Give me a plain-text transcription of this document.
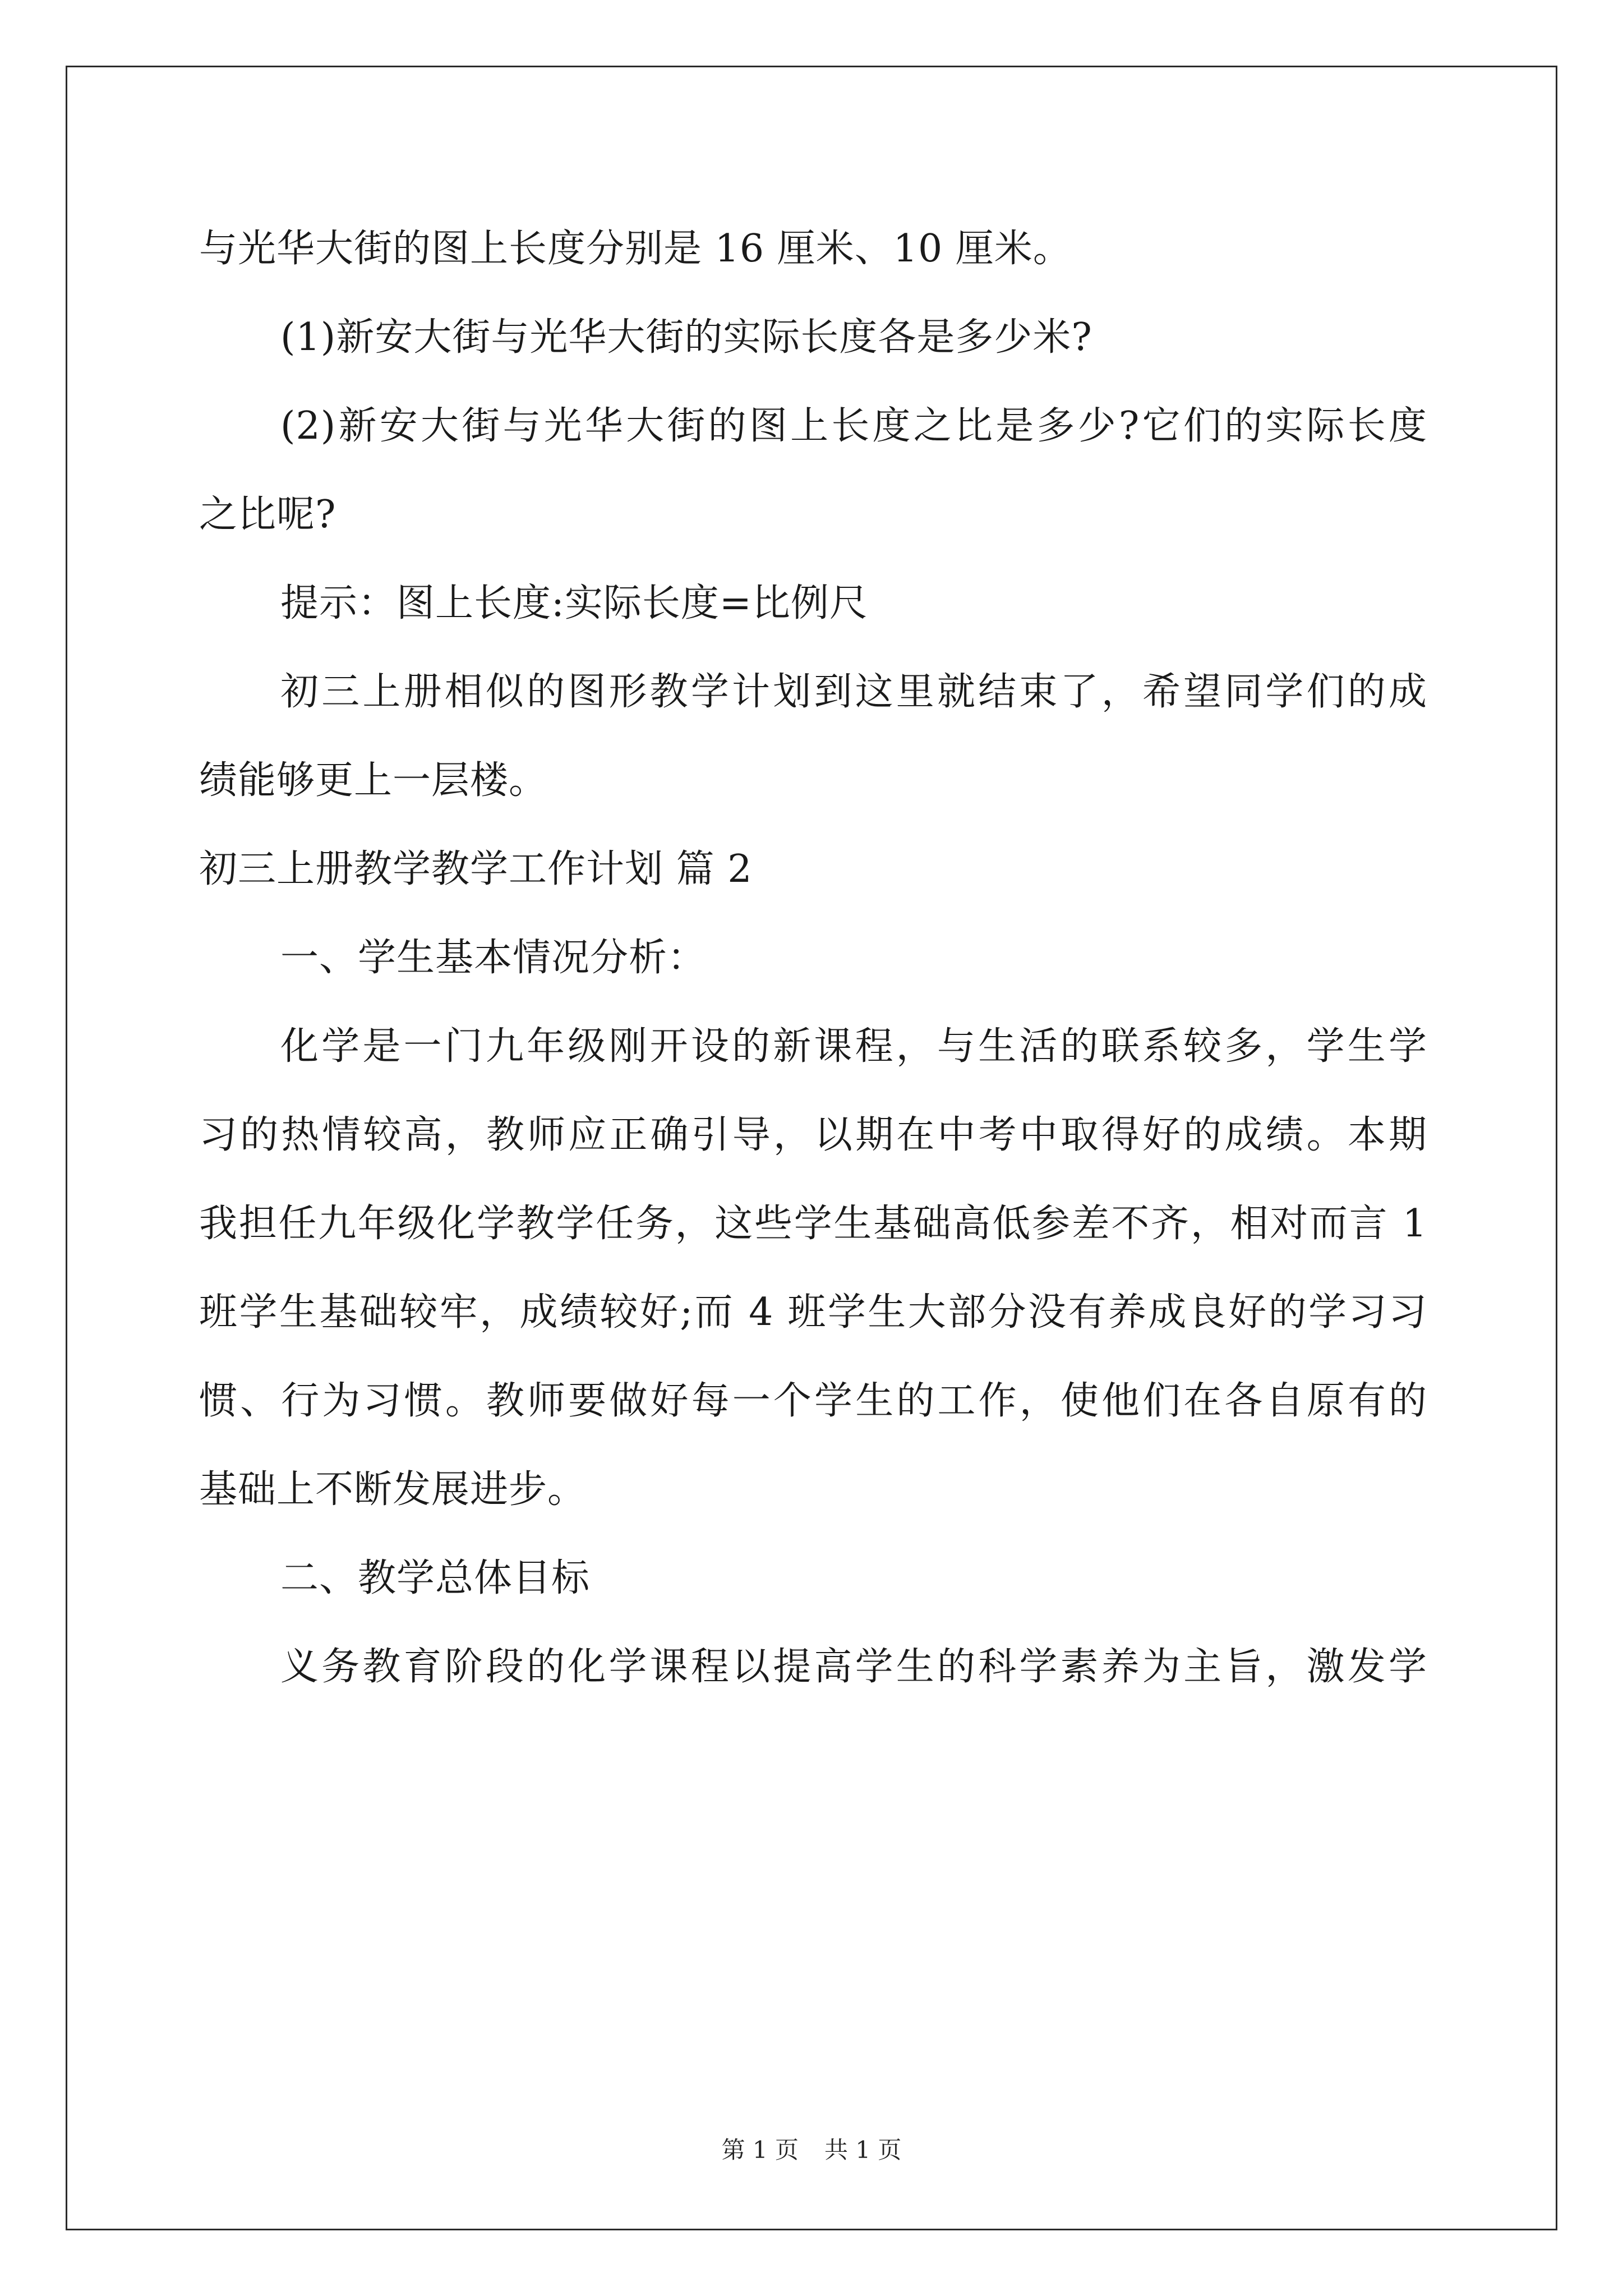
与光华大街的图上长度分别是 16 厘米、10 厘米。
(1)新安大街与光华大街的实际长度各是多少米?
(2)新安大街与光华大街的图上长度之比是多少?它们的实际长度
之比呢?
提示：图上长度:实际长度=比例尺
初三上册相似的图形教学计划到这里就结束了，希望同学们的成
绩能够更上一层楼。
初三上册教学教学工作计划 篇 2
一、学生基本情况分析：
化学是一门九年级刚开设的新课程，与生活的联系较多，学生学
习的热情较高，教师应正确引导，以期在中考中取得好的成绩。本期
我担任九年级化学教学任务，这些学生基础高低参差不齐，相对而言 1
班学生基础较牢，成绩较好;而 4 班学生大部分没有养成良好的学习习
惯、行为习惯。教师要做好每一个学生的工作，使他们在各自原有的
基础上不断发展进步。
二、教学总体目标
义务教育阶段的化学课程以提高学生的科学素养为主旨，激发学
第 1 页 共 1 页
